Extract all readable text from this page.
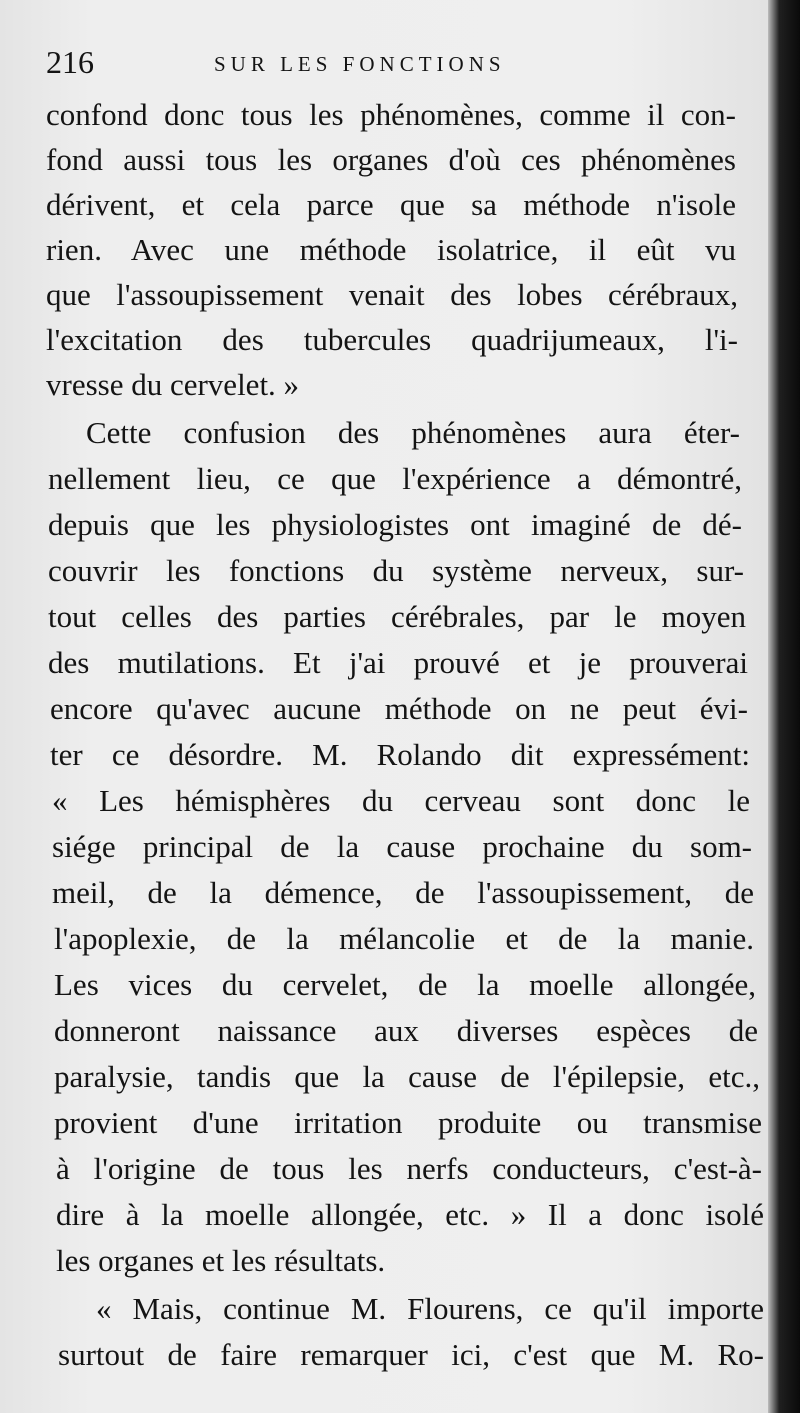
216	SUR LES FONCTIONS
confond donc tous les phénomènes, comme il con-
fond aussi tous les organes d'où ces phénomènes
dérivent, et cela parce que sa méthode n'isole
rien. Avec une méthode isolatrice, il eût vu
que l'assoupissement venait des lobes cérébraux,
l'excitation des tubercules quadrijumeaux, l'i-
vresse du cervelet. »
Cette confusion des phénomènes aura éter-
nellement lieu, ce que l'expérience a démontré,
depuis que les physiologistes ont imaginé de dé-
couvrir les fonctions du système nerveux, sur-
tout celles des parties cérébrales, par le moyen
des mutilations. Et j'ai prouvé et je prouverai
encore qu'avec aucune méthode on ne peut évi-
ter ce désordre. M. Rolando dit expressément:
« Les hémisphères du cerveau sont donc le
siége principal de la cause prochaine du som-
meil, de la démence, de l'assoupissement, de
l'apoplexie, de la mélancolie et de la manie.
Les vices du cervelet, de la moelle allongée,
donneront naissance aux diverses espèces de
paralysie, tandis que la cause de l'épilepsie, etc.,
provient d'une irritation produite ou transmise
à l'origine de tous les nerfs conducteurs, c'est-à-
dire à la moelle allongée, etc. » Il a donc isolé
les organes et les résultats.
« Mais, continue M. Flourens, ce qu'il importe
surtout de faire remarquer ici, c'est que M. Ro-
